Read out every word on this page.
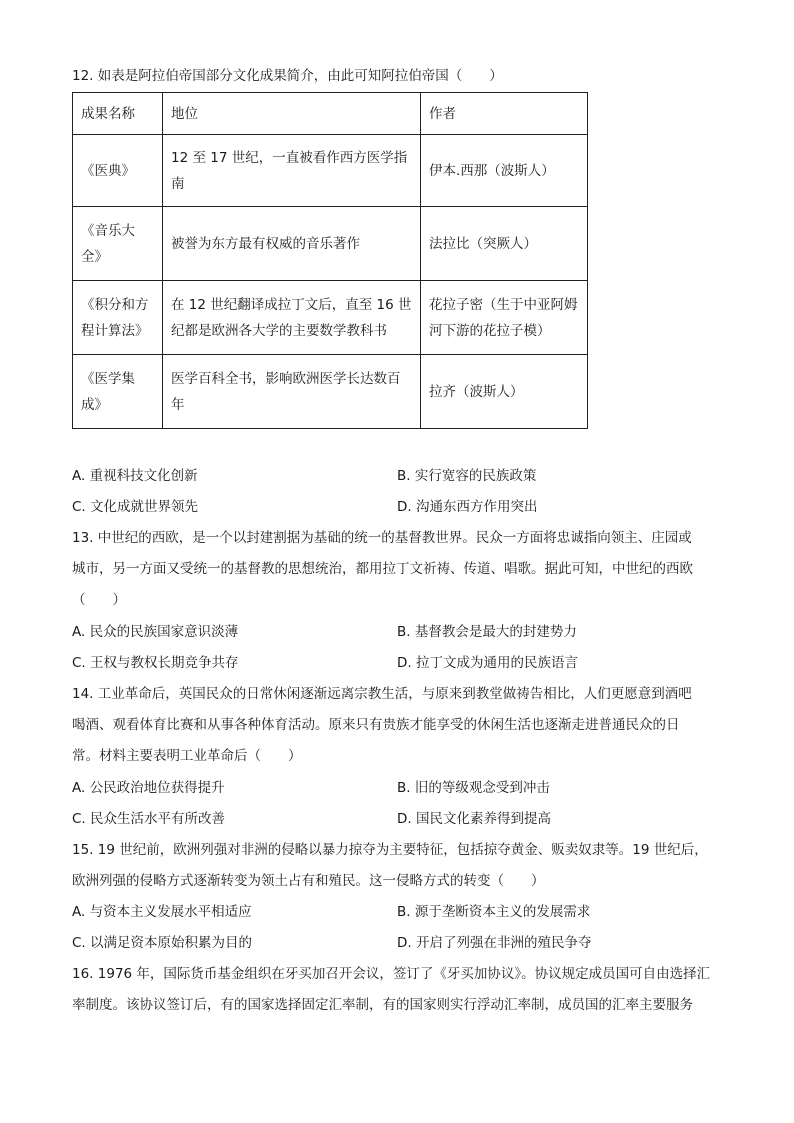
12. 如表是阿拉伯帝国部分文化成果简介，由此可知阿拉伯帝国（　　）
成果名称	地位	作者
《医典》	12 至 17 世纪，一直被看作西方医学指南	伊本.西那（波斯人）
《音乐大全》	被誉为东方最有权威的音乐著作	法拉比（突厥人）
《积分和方程计算法》	在 12 世纪翻译成拉丁文后，直至 16 世纪都是欧洲各大学的主要数学教科书	花拉子密（生于中亚阿姆河下游的花拉子模）
《医学集成》	医学百科全书，影响欧洲医学长达数百年	拉齐（波斯人）
A. 重视科技文化创新	B. 实行宽容的民族政策
C. 文化成就世界领先	D. 沟通东西方作用突出
13. 中世纪的西欧，是一个以封建割据为基础的统一的基督教世界。民众一方面将忠诚指向领主、庄园或
城市，另一方面又受统一的基督教的思想统治，都用拉丁文祈祷、传道、唱歌。据此可知，中世纪的西欧
（　　）
A. 民众的民族国家意识淡薄	B. 基督教会是最大的封建势力
C. 王权与教权长期竞争共存	D. 拉丁文成为通用的民族语言
14. 工业革命后，英国民众的日常休闲逐渐远离宗教生活，与原来到教堂做祷告相比，人们更愿意到酒吧
喝酒、观看体育比赛和从事各种体育活动。原来只有贵族才能享受的休闲生活也逐渐走进普通民众的日
常。材料主要表明工业革命后（　　）
A. 公民政治地位获得提升	B. 旧的等级观念受到冲击
C. 民众生活水平有所改善	D. 国民文化素养得到提高
15. 19 世纪前，欧洲列强对非洲的侵略以暴力掠夺为主要特征，包括掠夺黄金、贩卖奴隶等。19 世纪后，
欧洲列强的侵略方式逐渐转变为领土占有和殖民。这一侵略方式的转变（　　）
A. 与资本主义发展水平相适应	B. 源于垄断资本主义的发展需求
C. 以满足资本原始积累为目的	D. 开启了列强在非洲的殖民争夺
16. 1976 年，国际货币基金组织在牙买加召开会议，签订了《牙买加协议》。协议规定成员国可自由选择汇
率制度。该协议签订后，有的国家选择固定汇率制，有的国家则实行浮动汇率制，成员国的汇率主要服务
